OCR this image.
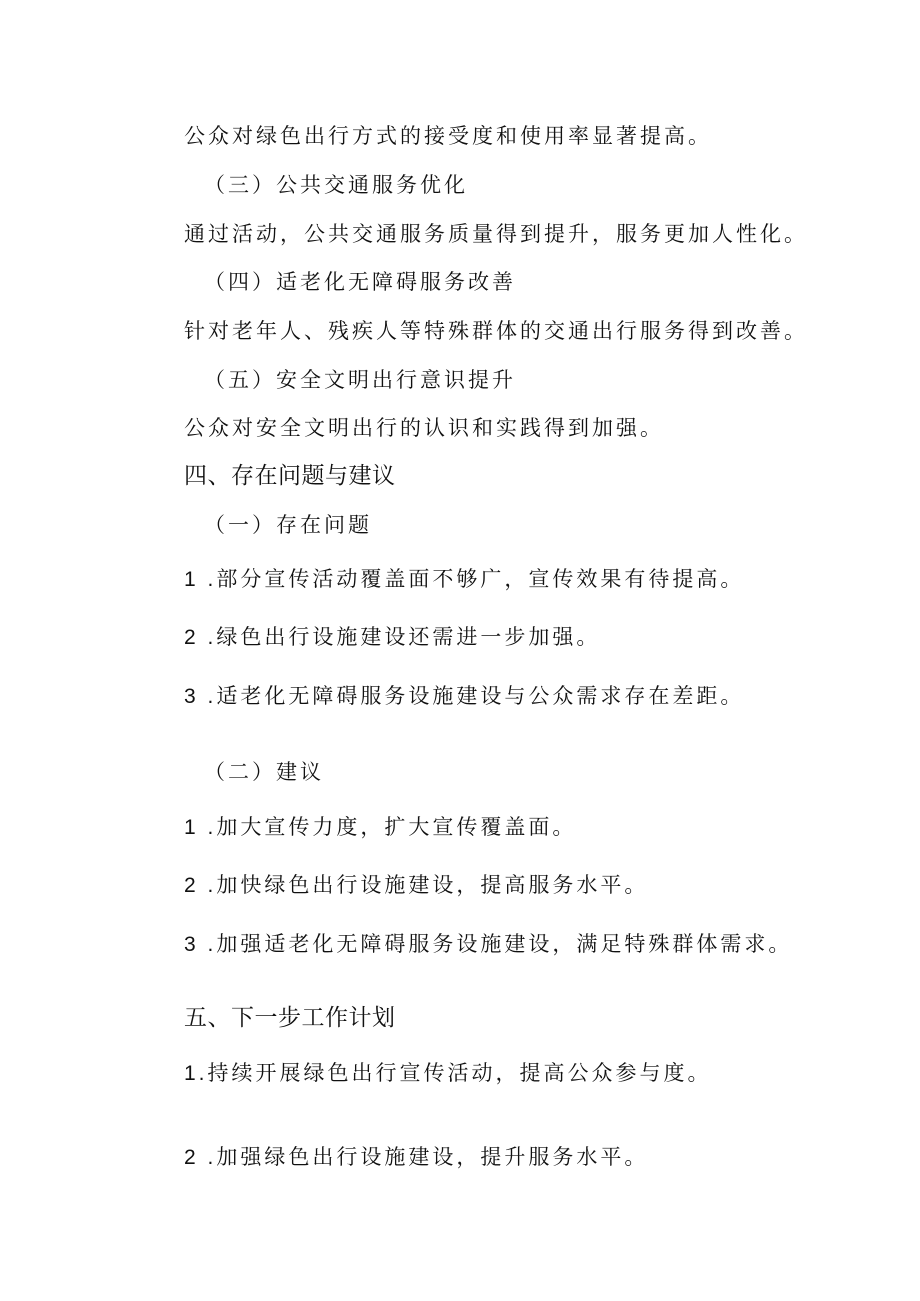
公众对绿色出行方式的接受度和使用率显著提高。
（三）公共交通服务优化
通过活动，公共交通服务质量得到提升，服务更加人性化。
（四）适老化无障碍服务改善
针对老年人、残疾人等特殊群体的交通出行服务得到改善。
（五）安全文明出行意识提升
公众对安全文明出行的认识和实践得到加强。
四、存在问题与建议
（一）存在问题
1 .部分宣传活动覆盖面不够广，宣传效果有待提高。
2 .绿色出行设施建设还需进一步加强。
3 .适老化无障碍服务设施建设与公众需求存在差距。
（二）建议
1 .加大宣传力度，扩大宣传覆盖面。
2 .加快绿色出行设施建设，提高服务水平。
3 .加强适老化无障碍服务设施建设，满足特殊群体需求。
五、下一步工作计划
1.持续开展绿色出行宣传活动，提高公众参与度。
2 .加强绿色出行设施建设，提升服务水平。
